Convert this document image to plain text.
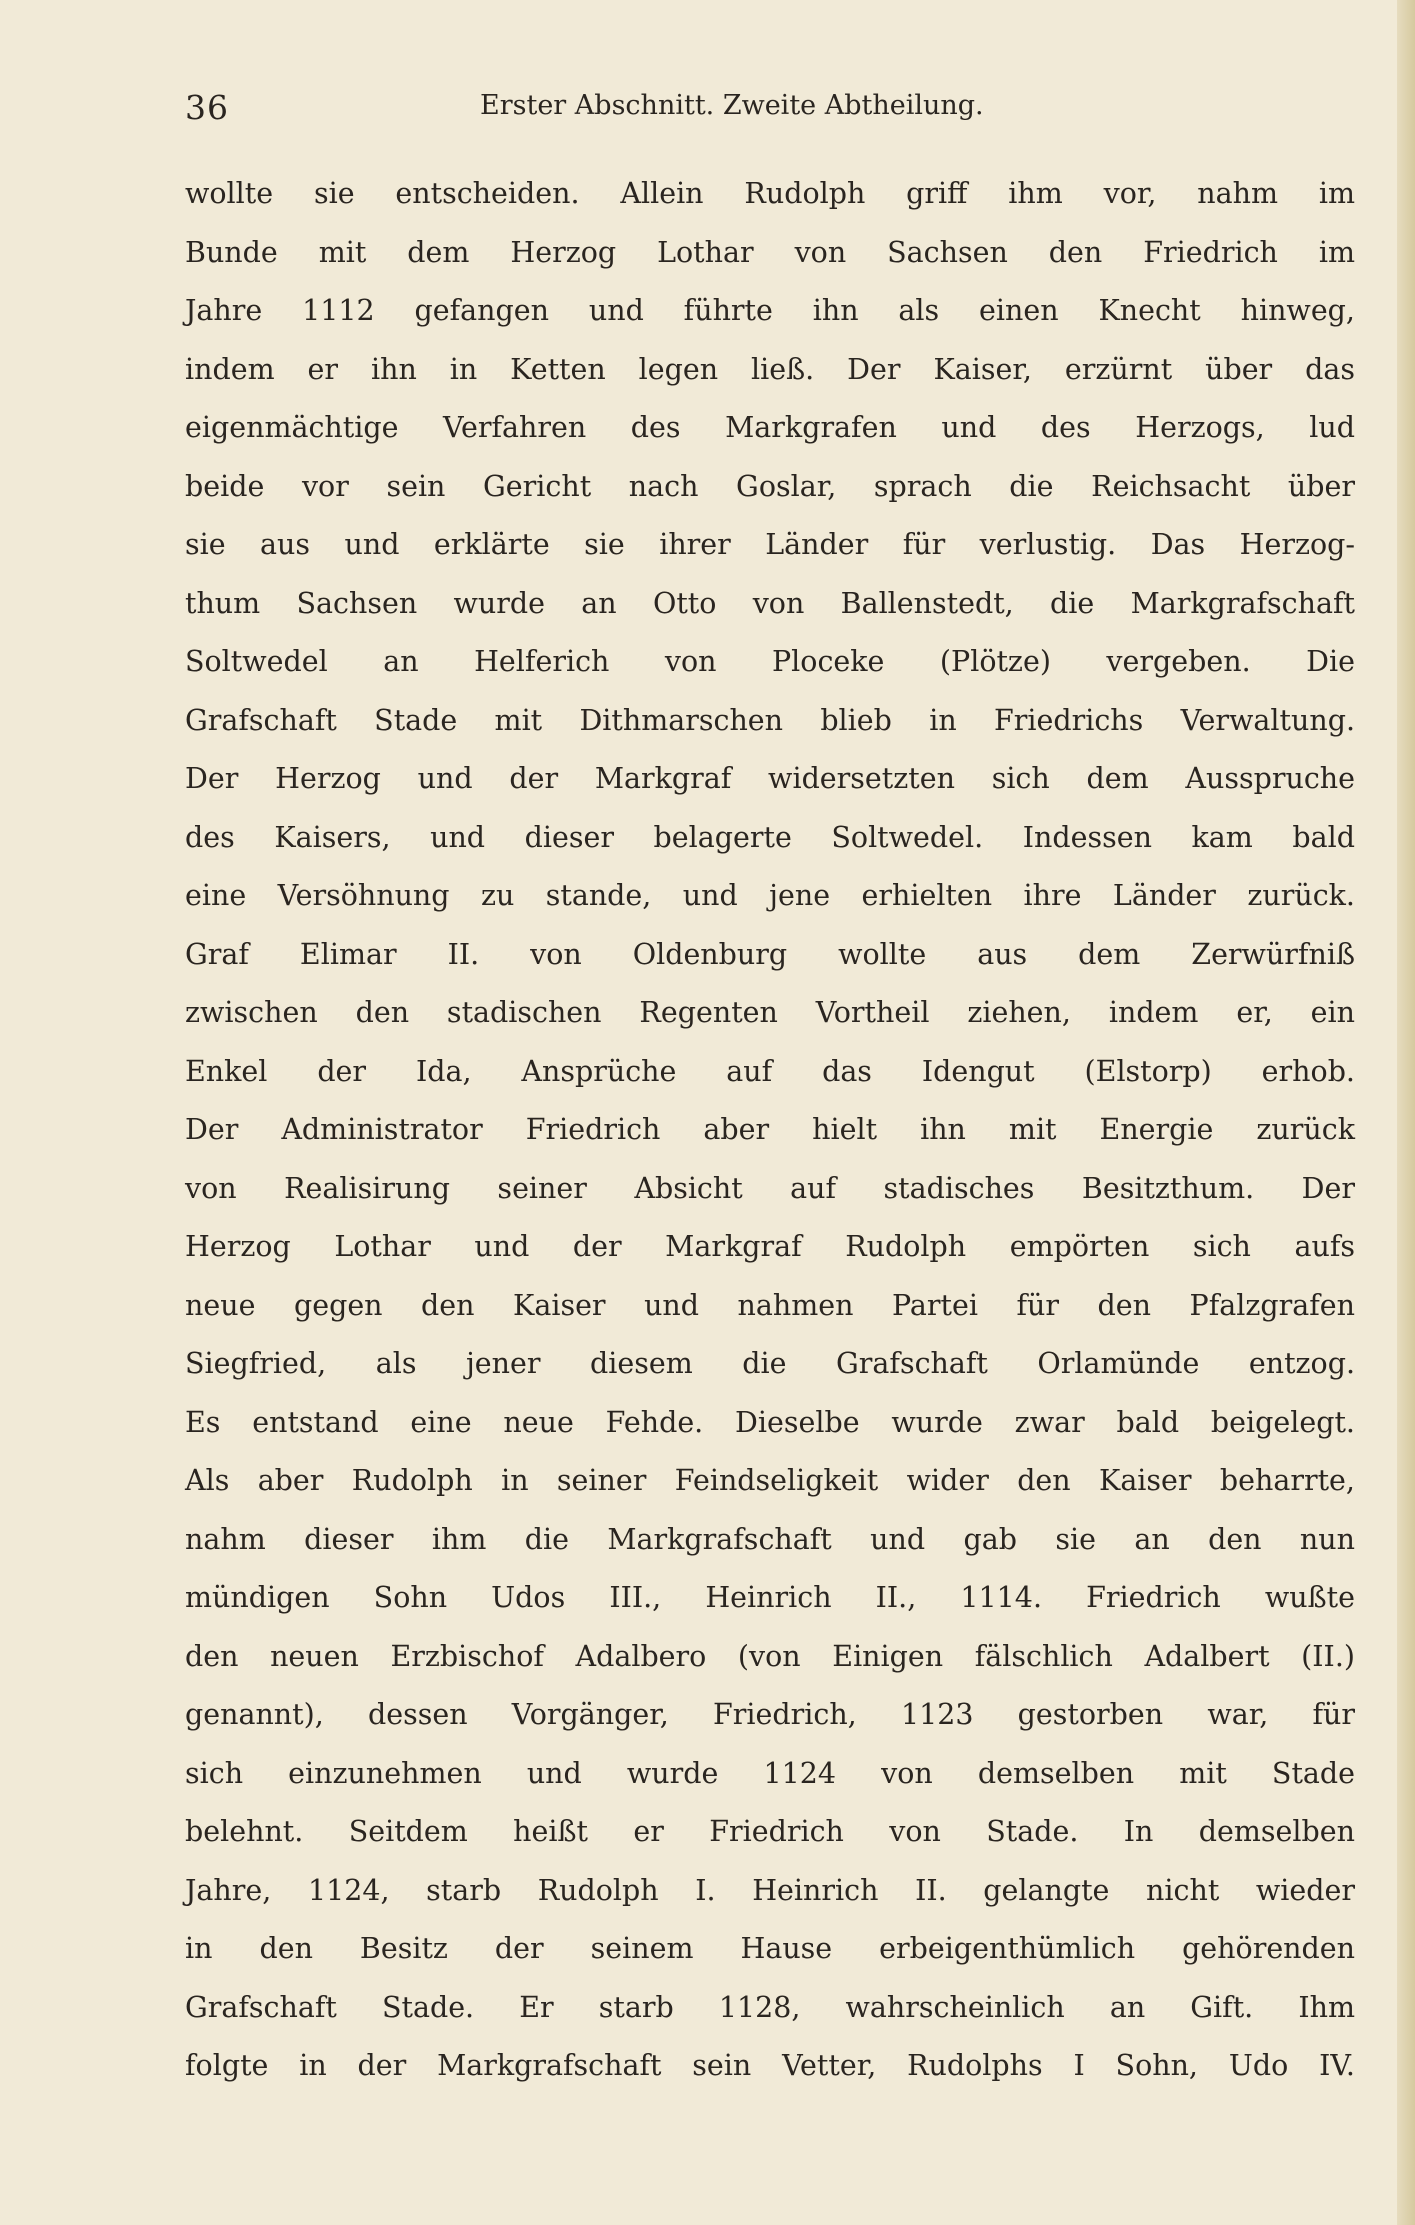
36	Erster Abschnitt. Zweite Abtheilung.
wollte sie entscheiden. Allein Rudolph griff ihm vor, nahm im
Bunde mit dem Herzog Lothar von Sachsen den Friedrich im
Jahre 1112 gefangen und führte ihn als einen Knecht hinweg,
indem er ihn in Ketten legen ließ. Der Kaiser, erzürnt über das
eigenmächtige Verfahren des Markgrafen und des Herzogs, lud
beide vor sein Gericht nach Goslar, sprach die Reichsacht über
sie aus und erklärte sie ihrer Länder für verlustig. Das Herzog-
thum Sachsen wurde an Otto von Ballenstedt, die Markgrafschaft
Soltwedel an Helferich von Ploceke (Plötze) vergeben. Die
Grafschaft Stade mit Dithmarschen blieb in Friedrichs Verwaltung.
Der Herzog und der Markgraf widersetzten sich dem Ausspruche
des Kaisers, und dieser belagerte Soltwedel. Indessen kam bald
eine Versöhnung zu stande, und jene erhielten ihre Länder zurück.
Graf Elimar II. von Oldenburg wollte aus dem Zerwürfniß
zwischen den stadischen Regenten Vortheil ziehen, indem er, ein
Enkel der Ida, Ansprüche auf das Idengut (Elstorp) erhob.
Der Administrator Friedrich aber hielt ihn mit Energie zurück
von Realisirung seiner Absicht auf stadisches Besitzthum. Der
Herzog Lothar und der Markgraf Rudolph empörten sich aufs
neue gegen den Kaiser und nahmen Partei für den Pfalzgrafen
Siegfried, als jener diesem die Grafschaft Orlamünde entzog.
Es entstand eine neue Fehde. Dieselbe wurde zwar bald beigelegt.
Als aber Rudolph in seiner Feindseligkeit wider den Kaiser beharrte,
nahm dieser ihm die Markgrafschaft und gab sie an den nun
mündigen Sohn Udos III., Heinrich II., 1114. Friedrich wußte
den neuen Erzbischof Adalbero (von Einigen fälschlich Adalbert (II.)
genannt), dessen Vorgänger, Friedrich, 1123 gestorben war, für
sich einzunehmen und wurde 1124 von demselben mit Stade
belehnt. Seitdem heißt er Friedrich von Stade. In demselben
Jahre, 1124, starb Rudolph I. Heinrich II. gelangte nicht wieder
in den Besitz der seinem Hause erbeigenthümlich gehörenden
Grafschaft Stade. Er starb 1128, wahrscheinlich an Gift. Ihm
folgte in der Markgrafschaft sein Vetter, Rudolphs I Sohn, Udo IV.
